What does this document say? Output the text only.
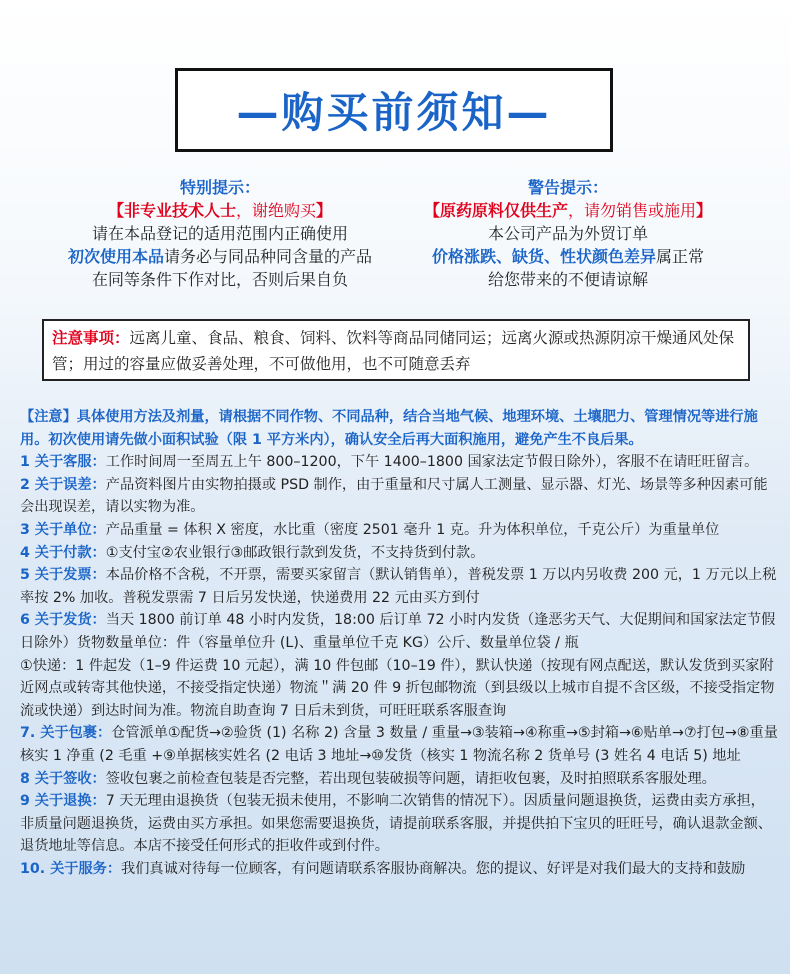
—购买前须知—
特别提示：
【非专业技术人士，谢绝购买】
请在本品登记的适用范围内正确使用
初次使用本品请务必与同品种同含量的产品
在同等条件下作对比，否则后果自负
警告提示：
【原药原料仅供生产，请勿销售或施用】
本公司产品为外贸订单
价格涨跌、缺货、性状颜色差异属正常
给您带来的不便请谅解
注意事项：远离儿童、食品、粮食、饲料、饮料等商品同储同运；远离火源或热源阴凉干燥通风处保管；用过的容量应做妥善处理，不可做他用，也不可随意丢弃

【注意】具体使用方法及剂量，请根据不同作物、不同品种，结合当地气候、地理环境、土壤肥力、管理情况等进行施用。初次使用请先做小面积试验（限 1 平方米内），确认安全后再大面积施用，避免产生不良后果。

1 关于客服：工作时间周一至周五上午 800–1200，下午 1400–1800 国家法定节假日除外），客服不在请旺旺留言。

2 关于误差：产品资料图片由实物拍摄或 PSD 制作，由于重量和尺寸属人工测量、显示器、灯光、场景等多种因素可能会出现误差，请以实物为准。

3 关于单位：产品重量 = 体积 X 密度，水比重（密度 2501 毫升 1 克。升为体积单位，千克公斤）为重量单位

4 关于付款：①支付宝②农业银行③邮政银行款到发货，不支持货到付款。

5 关于发票：本品价格不含税，不开票，需要买家留言（默认销售单），普税发票 1 万以内另收费 200 元，1 万元以上税率按 2% 加收。普税发票需 7 日后另发快递，快递费用 22 元由买方到付

6 关于发货：当天 1800 前订单 48 小时内发货，18:00 后订单 72 小时内发货（逢恶劣天气、大促期间和国家法定节假日除外）货物数量单位：件（容量单位升 (L)、重量单位千克 KG）公斤、数量单位袋 / 瓶
①快递：1 件起发（1–9 件运费 10 元起），满 10 件包邮（10–19 件），默认快递（按现有网点配送，默认发货到买家附近网点或转寄其他快递，不接受指定快递）物流＂满 20 件 9 折包邮物流（到县级以上城市自提不含区级，不接受指定物流或快递）到达时间为准。物流自助查询 7 日后未到货，可旺旺联系客服查询

7. 关于包裹：仓管派单①配货→②验货 (1) 名称 2) 含量 3 数量 / 重量→③装箱→④称重→⑤封箱→⑥贴单→⑦打包→⑧重量核实 1 净重 (2 毛重 +⑨单据核实姓名 (2 电话 3 地址→⑩发货（核实 1 物流名称 2 货单号 (3 姓名 4 电话 5) 地址

8 关于签收：签收包裹之前检查包装是否完整，若出现包装破损等问题，请拒收包裹，及时拍照联系客服处理。

9 关于退换：7 天无理由退换货（包装无损未使用，不影响二次销售的情况下）。因质量问题退换货，运费由卖方承担，非质量问题退换货，运费由买方承担。如果您需要退换货，请提前联系客服，并提供拍下宝贝的旺旺号，确认退款金额、退货地址等信息。本店不接受任何形式的拒收件或到付件。

10. 关于服务：我们真诚对待每一位顾客，有问题请联系客服协商解决。您的提议、好评是对我们最大的支持和鼓励
